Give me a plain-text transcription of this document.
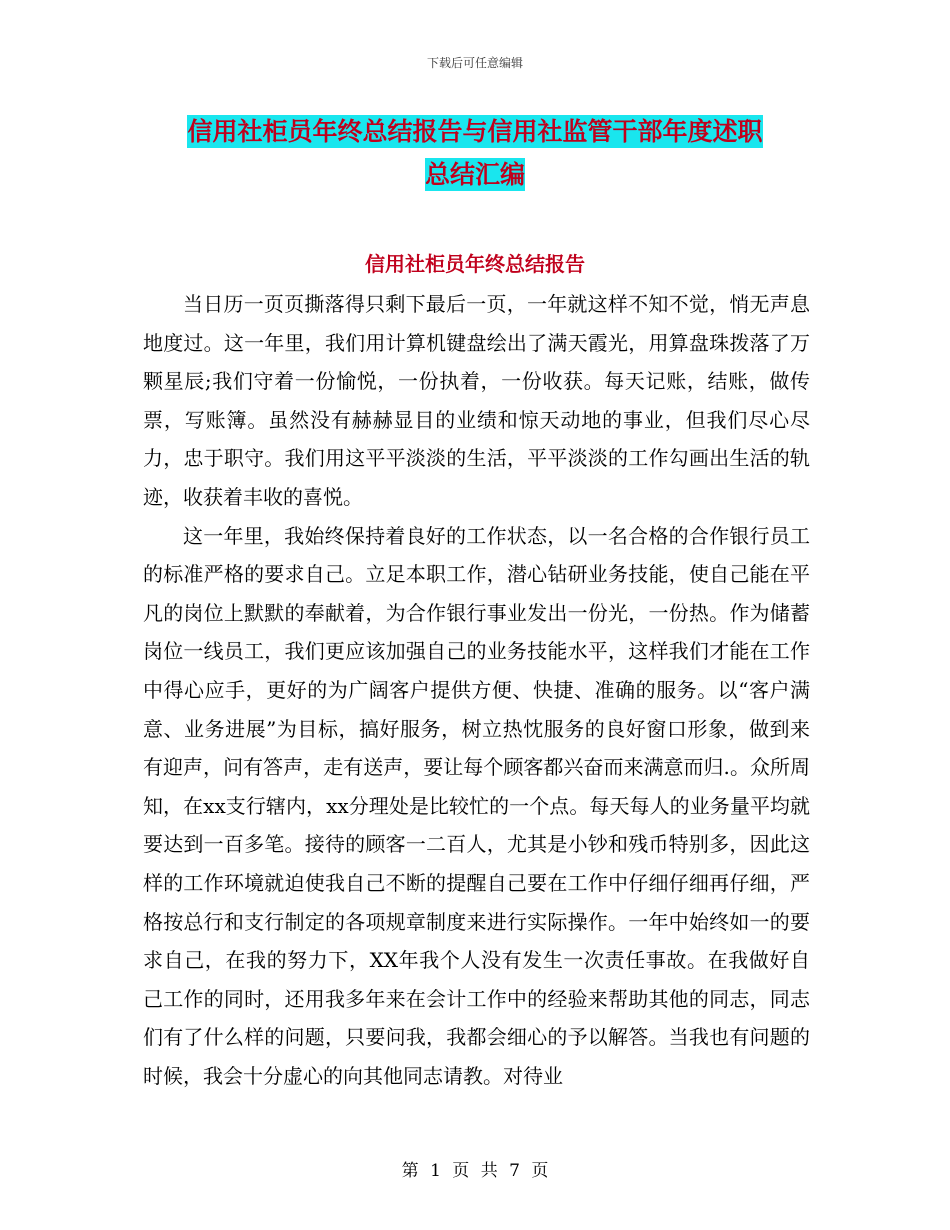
下载后可任意编辑
信用社柜员年终总结报告与信用社监管干部年度述职
总结汇编
信用社柜员年终总结报告

当日历一页页撕落得只剩下最后一页，一年就这样不知不觉，悄无声息地度过。这一年里，我们用计算机键盘绘出了满天霞光，用算盘珠拨落了万颗星辰;我们守着一份愉悦，一份执着，一份收获。每天记账，结账，做传票，写账簿。虽然没有赫赫显目的业绩和惊天动地的事业，但我们尽心尽力，忠于职守。我们用这平平淡淡的生活，平平淡淡的工作勾画出生活的轨迹，收获着丰收的喜悦。

这一年里，我始终保持着良好的工作状态，以一名合格的合作银行员工的标准严格的要求自己。立足本职工作，潜心钻研业务技能，使自己能在平凡的岗位上默默的奉献着，为合作银行事业发出一份光，一份热。作为储蓄岗位一线员工，我们更应该加强自己的业务技能水平，这样我们才能在工作中得心应手，更好的为广阔客户提供方便、快捷、准确的服务。以“客户满意、业务进展”为目标，搞好服务，树立热忱服务的良好窗口形象，做到来有迎声，问有答声，走有送声，要让每个顾客都兴奋而来满意而归.。众所周知，在xx支行辖内，xx分理处是比较忙的一个点。每天每人的业务量平均就要达到一百多笔。接待的顾客一二百人，尤其是小钞和残币特别多，因此这样的工作环境就迫使我自己不断的提醒自己要在工作中仔细仔细再仔细，严格按总行和支行制定的各项规章制度来进行实际操作。一年中始终如一的要求自己，在我的努力下，XX年我个人没有发生一次责任事故。在我做好自己工作的同时，还用我多年来在会计工作中的经验来帮助其他的同志，同志们有了什么样的问题，只要问我，我都会细心的予以解答。当我也有问题的时候，我会十分虚心的向其他同志请教。对待业

第 1 页 共 7 页
